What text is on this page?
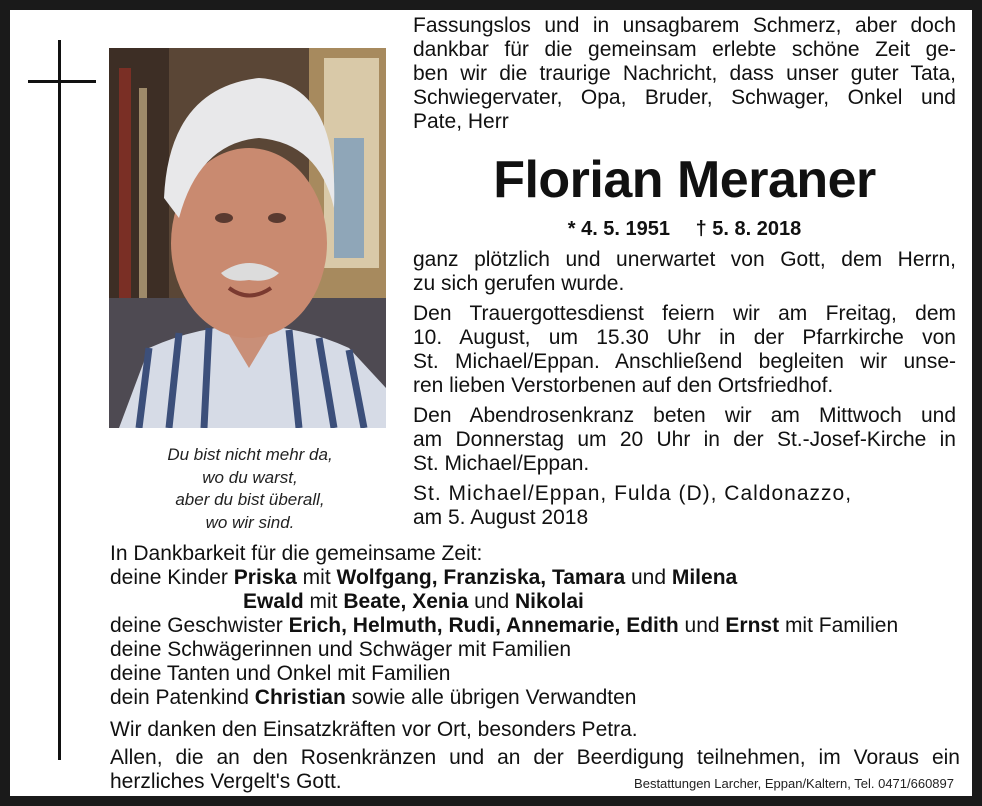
Du bist nicht mehr da,
wo du warst,
aber du bist überall,
wo wir sind.
Fassungslos und in unsagbarem Schmerz, aber doch
dankbar für die gemeinsam erlebte schöne Zeit ge-
ben wir die traurige Nachricht, dass unser guter Tata,
Schwiegervater, Opa, Bruder, Schwager, Onkel und
Pate, Herr
Florian Meraner
* 4. 5. 1951 † 5. 8. 2018
ganz plötzlich und unerwartet von Gott, dem Herrn,
zu sich gerufen wurde.
Den Trauergottesdienst feiern wir am Freitag, dem
10. August, um 15.30 Uhr in der Pfarrkirche von
St. Michael/Eppan. Anschließend begleiten wir unse-
ren lieben Verstorbenen auf den Ortsfriedhof.
Den Abendrosenkranz beten wir am Mittwoch und
am Donnerstag um 20 Uhr in der St.-Josef-Kirche in
St. Michael/Eppan.
St. Michael/Eppan, Fulda (D), Caldonazzo,
am 5. August 2018
In Dankbarkeit für die gemeinsame Zeit:
deine Kinder Priska mit Wolfgang, Franziska, Tamara und Milena
Ewald mit Beate, Xenia und Nikolai
deine Geschwister Erich, Helmuth, Rudi, Annemarie, Edith und Ernst mit Familien
deine Schwägerinnen und Schwäger mit Familien
deine Tanten und Onkel mit Familien
dein Patenkind Christian sowie alle übrigen Verwandten
Wir danken den Einsatzkräften vor Ort, besonders Petra.
Allen, die an den Rosenkränzen und an der Beerdigung teilnehmen, im Voraus ein
herzliches Vergelt's Gott.	Bestattungen Larcher, Eppan/Kaltern, Tel. 0471/660897
